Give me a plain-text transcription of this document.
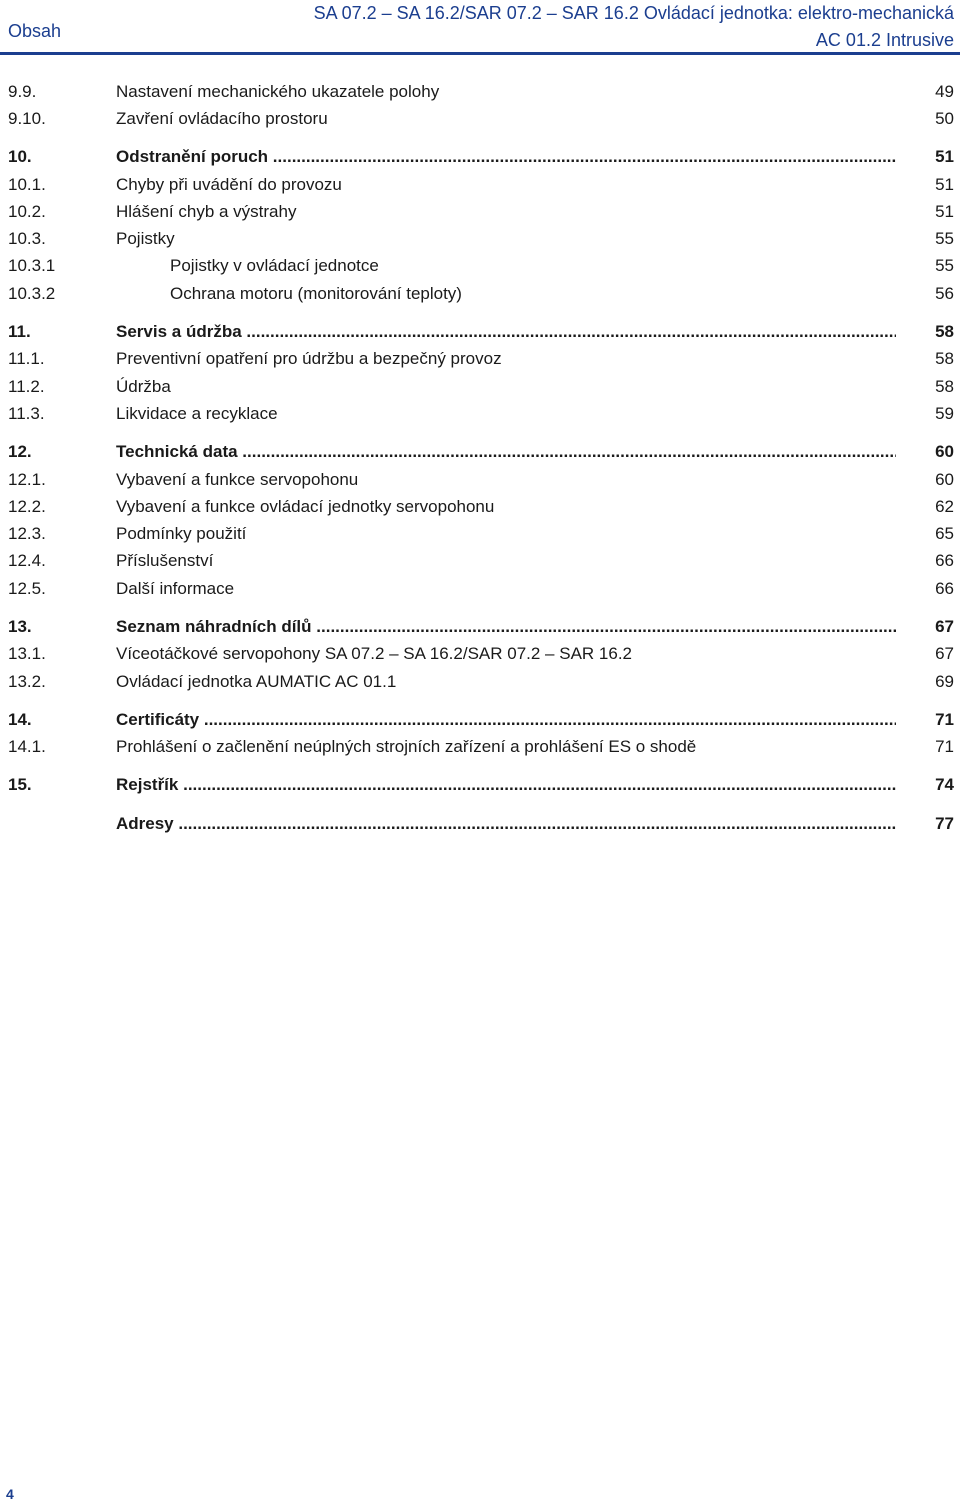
Obsah
SA 07.2 – SA 16.2/SAR 07.2 – SAR 16.2 Ovládací jednotka: elektro-mechanická
AC 01.2 Intrusive
9.9.	Nastavení mechanického ukazatele polohy	49
9.10.	Zavření ovládacího prostoru	50
10.	Odstranění poruch .....	51
10.1.	Chyby při uvádění do provozu	51
10.2.	Hlášení chyb a výstrahy	51
10.3.	Pojistky	55
10.3.1	Pojistky v ovládací jednotce	55
10.3.2	Ochrana motoru (monitorování teploty)	56
11.	Servis a údržba .....	58
11.1.	Preventivní opatření pro údržbu a bezpečný provoz	58
11.2.	Údržba	58
11.3.	Likvidace a recyklace	59
12.	Technická data .....	60
12.1.	Vybavení a funkce servopohonu	60
12.2.	Vybavení a funkce ovládací jednotky servopohonu	62
12.3.	Podmínky použití	65
12.4.	Příslušenství	66
12.5.	Další informace	66
13.	Seznam náhradních dílů .....	67
13.1.	Víceotáčkové servopohony SA 07.2 – SA 16.2/SAR 07.2 – SAR 16.2	67
13.2.	Ovládací jednotka AUMATIC AC 01.1	69
14.	Certificáty .....	71
14.1.	Prohlášení o začlenění neúplných strojních zařízení a prohlášení ES o shodě	71
15.	Rejstřík .....	74
Adresy .....	77
4
